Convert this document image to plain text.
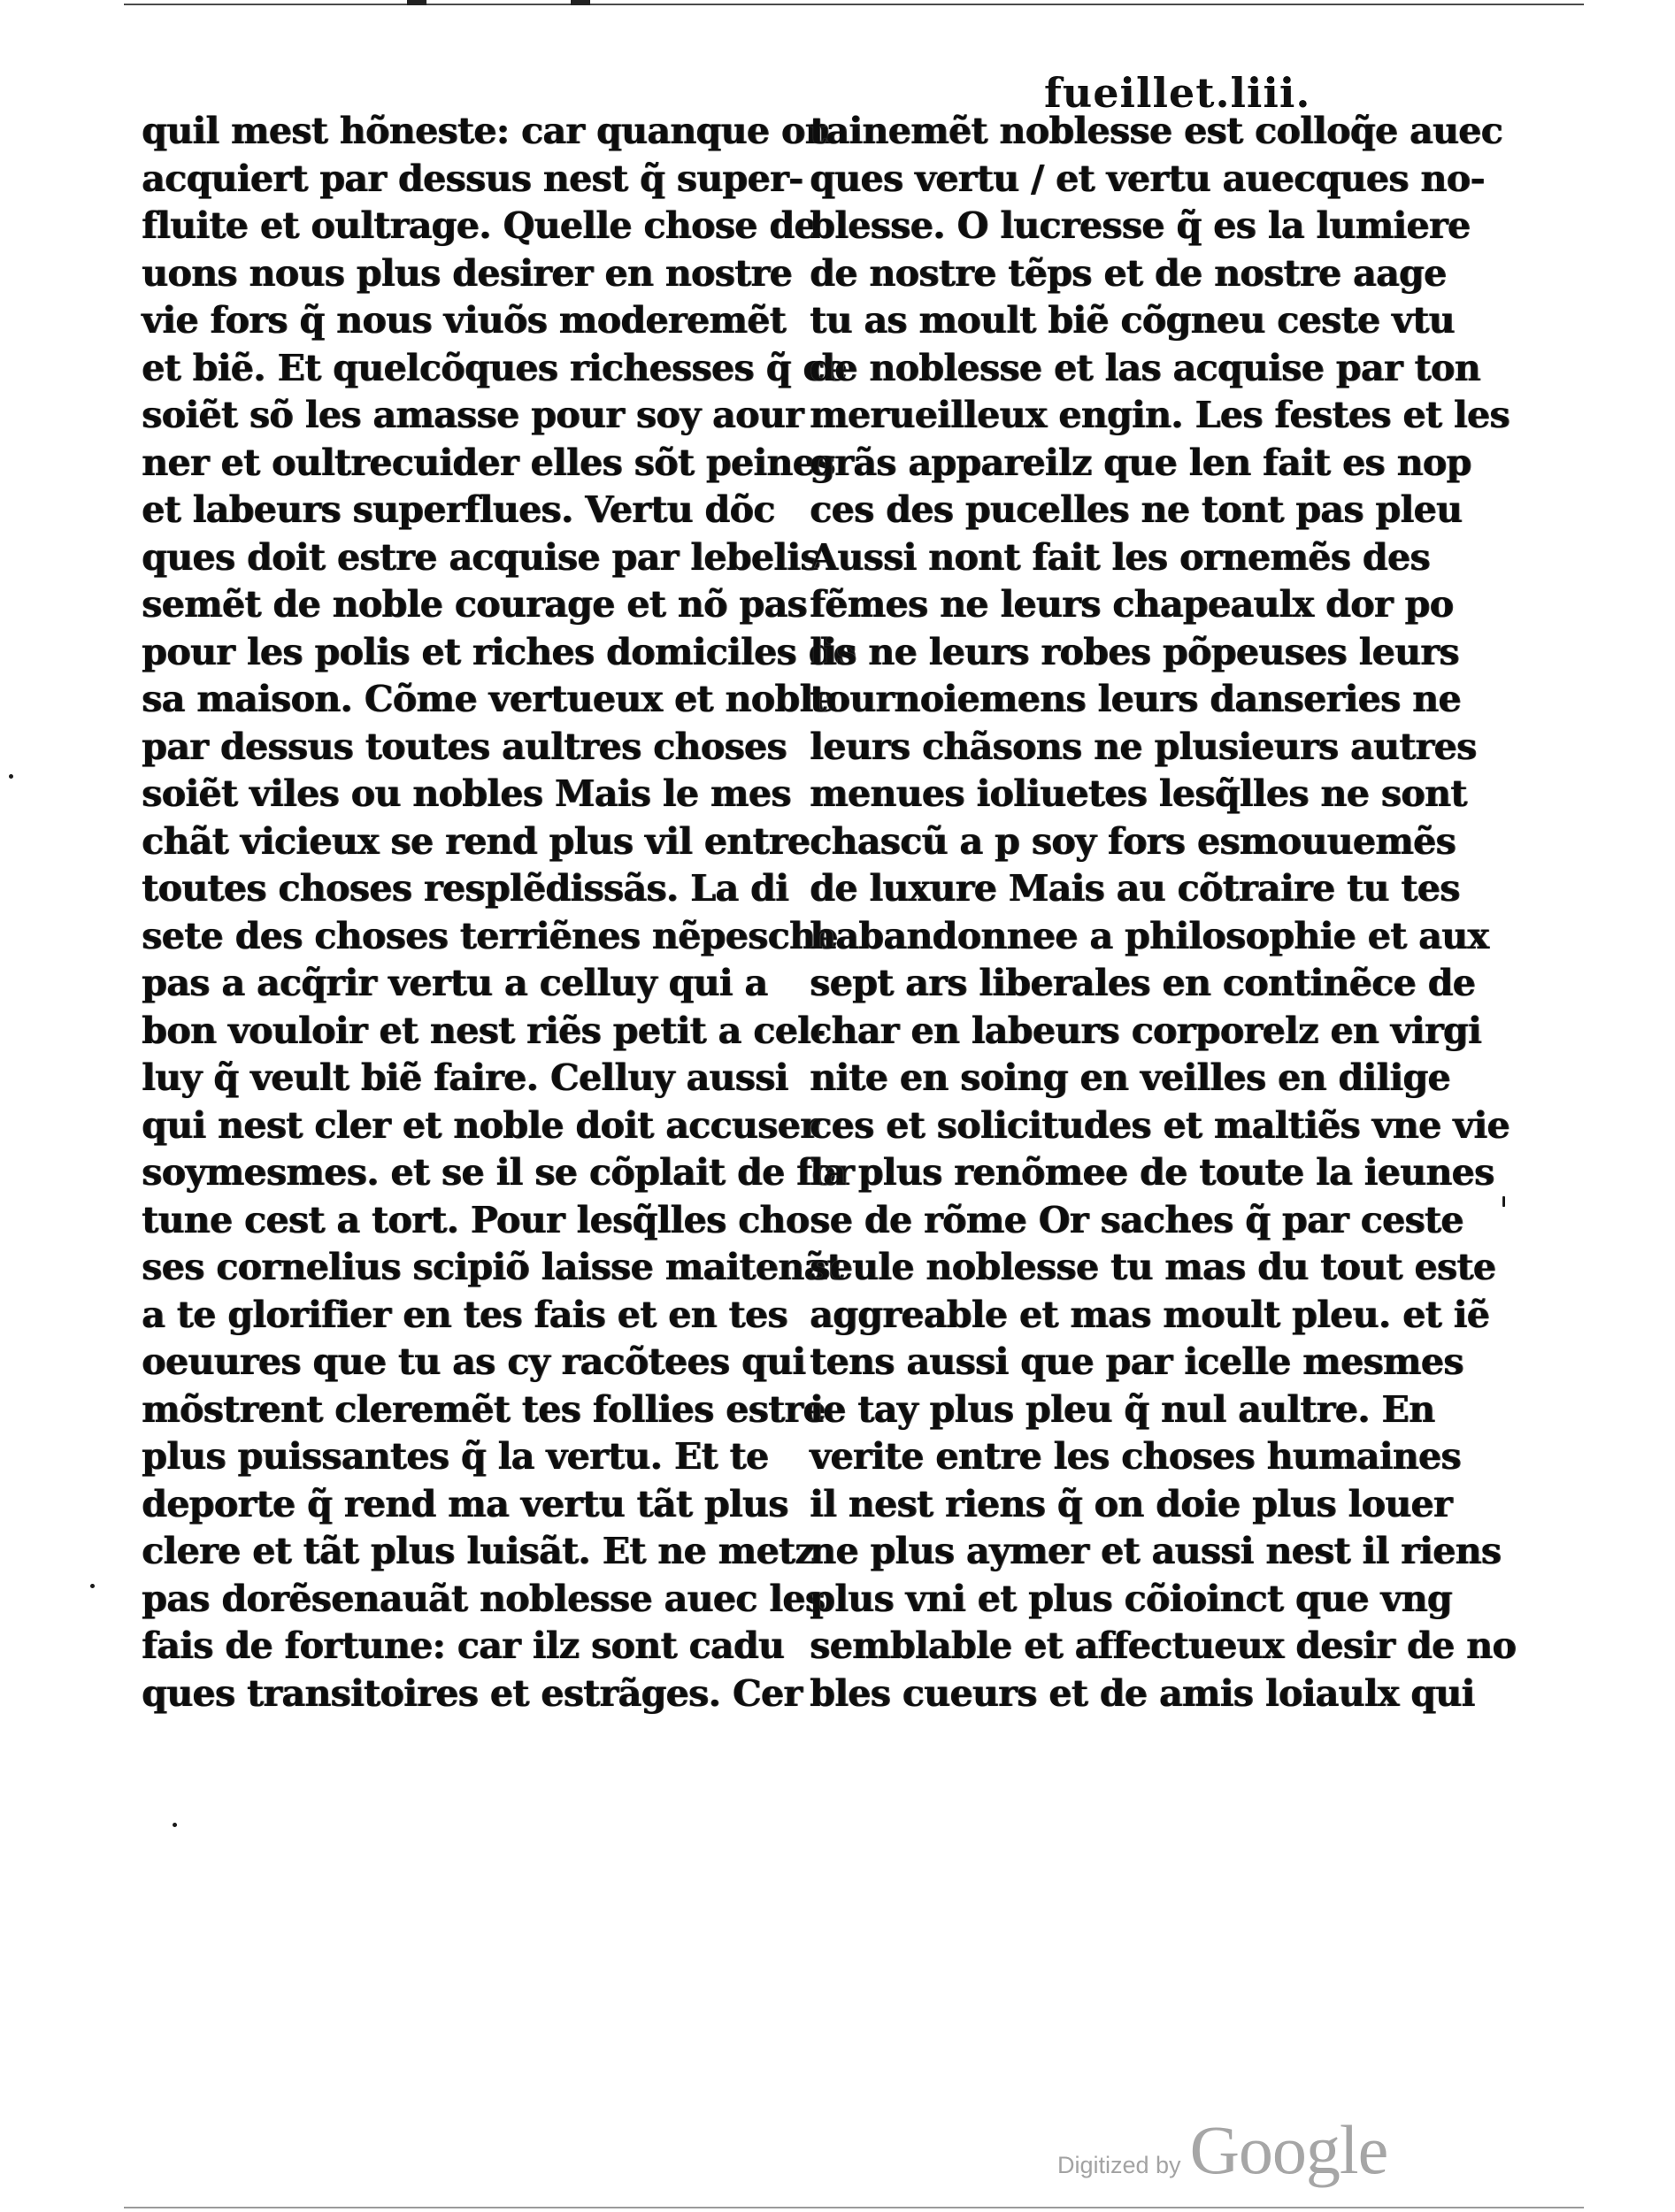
fueillet.liii.
quil mest hõneste: car quanque on
acquiert par dessus nest q̃ super-
fluite et oultrage. Quelle chose de
uons nous plus desirer en nostre
vie fors q̃ nous viuõs moderemẽt
et biẽ. Et quelcõques richesses q̃ ce
soiẽt sõ les amasse pour soy aour
ner et oultrecuider elles sõt peines
et labeurs superflues. Vertu dõc
ques doit estre acquise par lebelis
semẽt de noble courage et nõ pas
pour les polis et riches domiciles de
sa maison. Cõme vertueux et noble
par dessus toutes aultres choses
soiẽt viles ou nobles Mais le mes
chãt vicieux se rend plus vil entre
toutes choses resplẽdissãs. La di
sete des choses terriẽnes nẽpesche
pas a acq̃rir vertu a celluy qui a
bon vouloir et nest riẽs petit a cel-
luy q̃ veult biẽ faire. Celluy aussi
qui nest cler et noble doit accuser
soymesmes. et se il se cõplait de for
tune cest a tort. Pour lesq̃lles cho
ses cornelius scipiõ laisse maitenãt
a te glorifier en tes fais et en tes
oeuures que tu as cy racõtees qui
mõstrent cleremẽt tes follies estre
plus puissantes q̃ la vertu. Et te
deporte q̃ rend ma vertu tãt plus
clere et tãt plus luisãt. Et ne metz
pas dorẽsenauãt noblesse auec les
fais de fortune: car ilz sont cadu
ques transitoires et estrãges. Cer
tainemẽt noblesse est colloq̃e auec
ques vertu / et vertu auecques no-
blesse. O lucresse q̃ es la lumiere
de nostre tẽps et de nostre aage
tu as moult biẽ cõgneu ceste vtu
de noblesse et las acquise par ton
merueilleux engin. Les festes et les
grãs appareilz que len fait es nop
ces des pucelles ne tont pas pleu
Aussi nont fait les ornemẽs des
fẽmes ne leurs chapeaulx dor po
lis ne leurs robes põpeuses leurs
tournoiemens leurs danseries ne
leurs chãsons ne plusieurs autres
menues ioliuetes lesq̃lles ne sont
chascũ a p soy fors esmouuemẽs
de luxure Mais au cõtraire tu tes
habandonnee a philosophie et aux
sept ars liberales en continẽce de
char en labeurs corporelz en virgi
nite en soing en veilles en dilige
ces et solicitudes et maltiẽs vne vie
la plus renõmee de toute la ieunes
se de rõme Or saches q̃ par ceste
seule noblesse tu mas du tout este
aggreable et mas moult pleu. et iẽ
tens aussi que par icelle mesmes
ie tay plus pleu q̃ nul aultre. En
verite entre les choses humaines
il nest riens q̃ on doie plus louer
ne plus aymer et aussi nest il riens
plus vni et plus cõioinct que vng
semblable et affectueux desir de no
bles cueurs et de amis loiaulx qui
Digitized by Google
